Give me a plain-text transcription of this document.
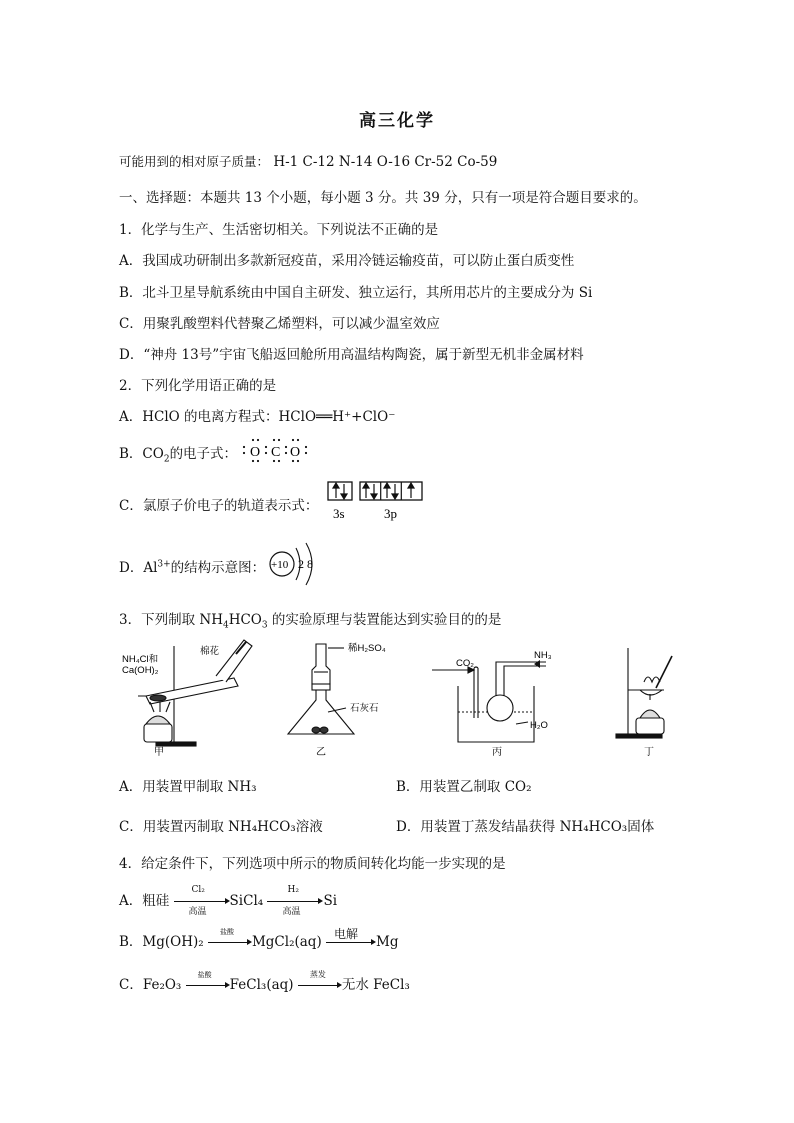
高三化学
可能用到的相对原子质量： H-1 C-12 N-14 O-16 Cr-52 Co-59
一、选择题：本题共 13 个小题，每小题 3 分。共 39 分，只有一项是符合题目要求的。
1．化学与生产、生活密切相关。下列说法不正确的是
A．我国成功研制出多款新冠疫苗，采用冷链运输疫苗，可以防止蛋白质变性
B．北斗卫星导航系统由中国自主研发、独立运行，其所用芯片的主要成分为 Si
C．用聚乳酸塑料代替聚乙烯塑料，可以减少温室效应
D．“神舟 13号”宇宙飞船返回舱所用高温结构陶瓷，属于新型无机非金属材料
2．下列化学用语正确的是
A．HClO 的电离方程式：HClO══H⁺+ClO⁻
B．$CO_2$的电子式： O C O
C．氯原子价电子的轨道表示式： 3s	3p
D．$Al^{3+}$的结构示意图： +10 2 8
3．下列制取 $NH_4HCO_3$ 的实验原理与装置能达到实验目的的是
NH₄Cl和
Ca(OH)₂
棉花
甲
稀H₂SO₄
石灰石
乙
CO₂
NH₃
H₂O
丙	丁
A．用装置甲制取 NH₃	B．用装置乙制取 CO₂
C．用装置丙制取 NH₄HCO₃溶液	D．用装置丁蒸发结晶获得 NH₄HCO₃固体
4．给定条件下，下列选项中所示的物质间转化均能一步实现的是
A．粗硅
Cl₂
高温
SiCl₄
H₂
高温
Si
B．Mg(OH)₂
盐酸
MgCl₂(aq)
电解
Mg
C．Fe₂O₃
盐酸
FeCl₃(aq)
蒸发
无水 FeCl₃
